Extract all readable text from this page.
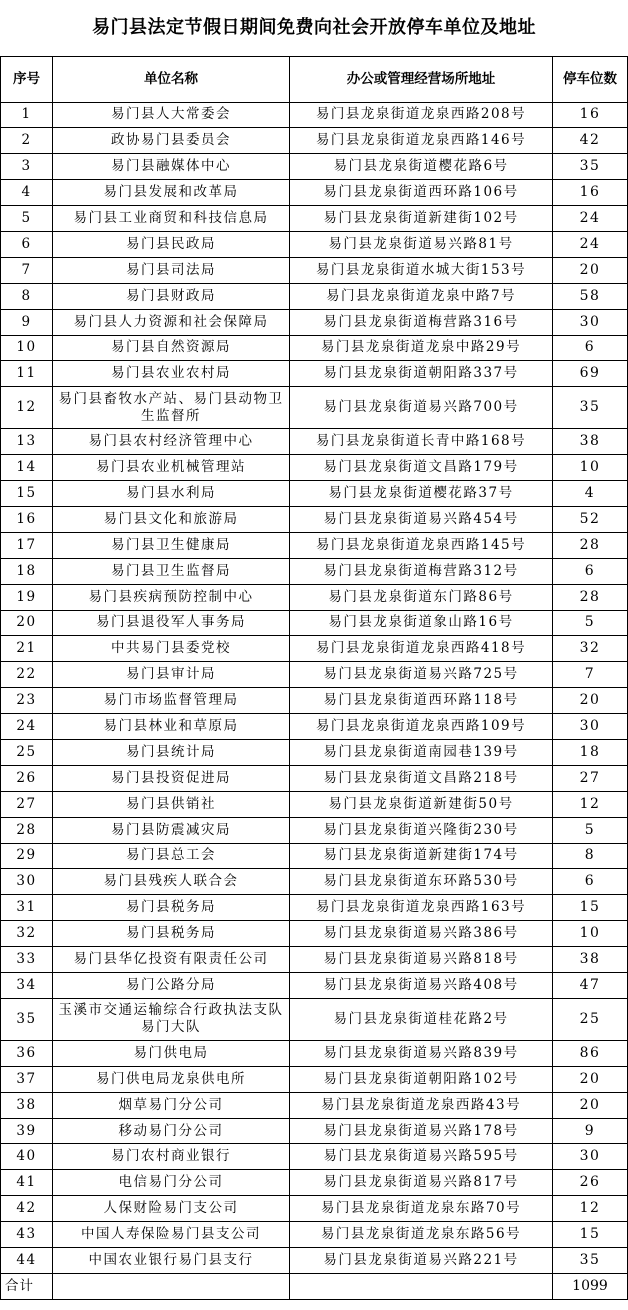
易门县法定节假日期间免费向社会开放停车单位及地址			
序号	单位名称	办公或管理经营场所地址	停车位数
1	易门县人大常委会	易门县龙泉街道龙泉西路208号	16
2	政协易门县委员会	易门县龙泉街道龙泉西路146号	42
3	易门县融媒体中心	易门县龙泉街道樱花路6号	35
4	易门县发展和改革局	易门县龙泉街道西环路106号	16
5	易门县工业商贸和科技信息局	易门县龙泉街道新建街102号	24
6	易门县民政局	易门县龙泉街道易兴路81号	24
7	易门县司法局	易门县龙泉街道水城大街153号	20
8	易门县财政局	易门县龙泉街道龙泉中路7号	58
9	易门县人力资源和社会保障局	易门县龙泉街道梅营路316号	30
10	易门县自然资源局	易门县龙泉街道龙泉中路29号	6
11	易门县农业农村局	易门县龙泉街道朝阳路337号	69
12	易门县畜牧水产站、易门县动物卫生监督所	易门县龙泉街道易兴路700号	35
13	易门县农村经济管理中心	易门县龙泉街道长青中路168号	38
14	易门县农业机械管理站	易门县龙泉街道文昌路179号	10
15	易门县水利局	易门县龙泉街道樱花路37号	4
16	易门县文化和旅游局	易门县龙泉街道易兴路454号	52
17	易门县卫生健康局	易门县龙泉街道龙泉西路145号	28
18	易门县卫生监督局	易门县龙泉街道梅营路312号	6
19	易门县疾病预防控制中心	易门县龙泉街道东门路86号	28
20	易门县退役军人事务局	易门县龙泉街道象山路16号	5
21	中共易门县委党校	易门县龙泉街道龙泉西路418号	32
22	易门县审计局	易门县龙泉街道易兴路725号	7
23	易门市场监督管理局	易门县龙泉街道西环路118号	20
24	易门县林业和草原局	易门县龙泉街道龙泉西路109号	30
25	易门县统计局	易门县龙泉街道南园巷139号	18
26	易门县投资促进局	易门县龙泉街道文昌路218号	27
27	易门县供销社	易门县龙泉街道新建街50号	12
28	易门县防震减灾局	易门县龙泉街道兴隆街230号	5
29	易门县总工会	易门县龙泉街道新建街174号	8
30	易门县残疾人联合会	易门县龙泉街道东环路530号	6
31	易门县税务局	易门县龙泉街道龙泉西路163号	15
32	易门县税务局	易门县龙泉街道易兴路386号	10
33	易门县华亿投资有限责任公司	易门县龙泉街道易兴路818号	38
34	易门公路分局	易门县龙泉街道易兴路408号	47
35	玉溪市交通运输综合行政执法支队易门大队	易门县龙泉街道桂花路2号	25
36	易门供电局	易门县龙泉街道易兴路839号	86
37	易门供电局龙泉供电所	易门县龙泉街道朝阳路102号	20
38	烟草易门分公司	易门县龙泉街道龙泉西路43号	20
39	移动易门分公司	易门县龙泉街道易兴路178号	9
40	易门农村商业银行	易门县龙泉街道易兴路595号	30
41	电信易门分公司	易门县龙泉街道易兴路817号	26
42	人保财险易门支公司	易门县龙泉街道龙泉东路70号	12
43	中国人寿保险易门县支公司	易门县龙泉街道龙泉东路56号	15
44	中国农业银行易门县支行	易门县龙泉街道易兴路221号	35
合计			1099
